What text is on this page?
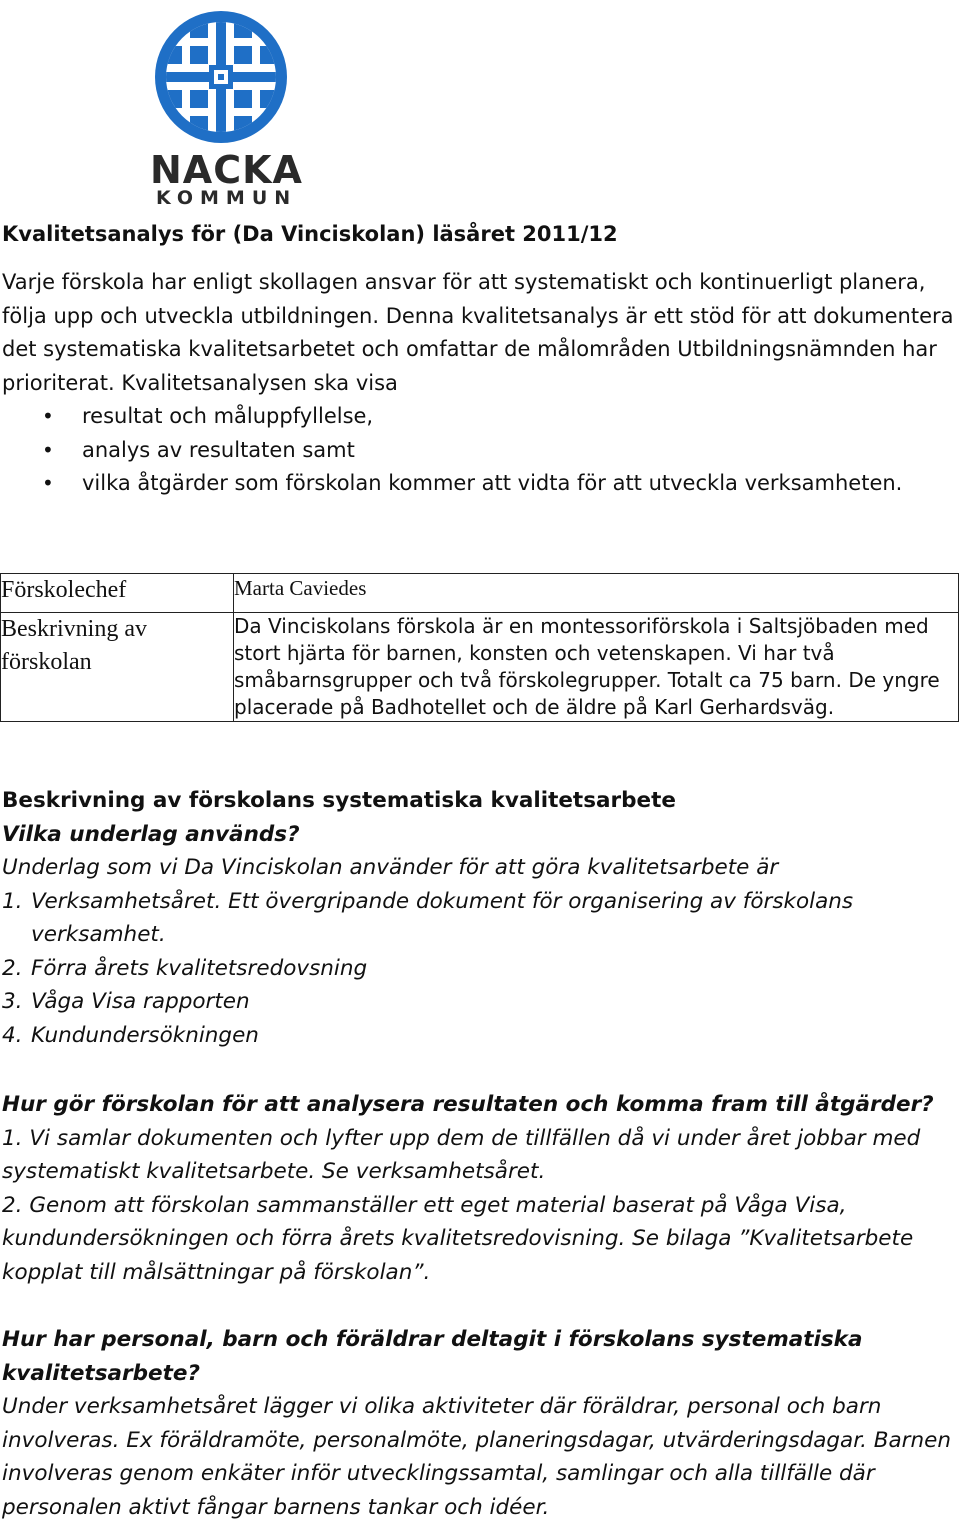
NACKA
KOMMUN
Kvalitetsanalys för (Da Vinciskolan) läsåret 2011/12

Varje förskola har enligt skollagen ansvar för att systematiskt och kontinuerligt planera, följa upp och utveckla utbildningen. Denna kvalitetsanalys är ett stöd för att dokumentera det systematiska kvalitetsarbetet och omfattar de målområden Utbildningsnämnden har prioriterat. Kvalitetsanalysen ska visa

• resultat och måluppfyllelse,
• analys av resultaten samt
• vilka åtgärder som förskolan kommer att vidta för att utveckla verksamheten.
Förskolechef	Marta Caviedes
Beskrivning av förskolan	Da Vinciskolans förskola är en montessoriförskola i Saltsjöbaden med stort hjärta för barnen, konsten och vetenskapen. Vi har två småbarnsgrupper och två förskolegrupper. Totalt ca 75 barn. De yngre placerade på Badhotellet och de äldre på Karl Gerhardsväg.

Beskrivning av förskolans systematiska kvalitetsarbete

Vilka underlag används?

Underlag som vi Da Vinciskolan använder för att göra kvalitetsarbete är

1. Verksamhetsåret. Ett övergripande dokument för organisering av förskolans verksamhet.
2. Förra årets kvalitetsredovsning
3. Våga Visa rapporten
4. Kundundersökningen

Hur gör förskolan för att analysera resultaten och komma fram till åtgärder?

1. Vi samlar dokumenten och lyfter upp dem de tillfällen då vi under året jobbar med systematiskt kvalitetsarbete. Se verksamhetsåret.

2. Genom att förskolan sammanställer ett eget material baserat på Våga Visa, kundundersökningen och förra årets kvalitetsredovisning. Se bilaga ”Kvalitetsarbete kopplat till målsättningar på förskolan”.

Hur har personal, barn och föräldrar deltagit i förskolans systematiska kvalitetsarbete?

Under verksamhetsåret lägger vi olika aktiviteter där föräldrar, personal och barn involveras. Ex föräldramöte, personalmöte, planeringsdagar, utvärderingsdagar. Barnen involveras genom enkäter inför utvecklingssamtal, samlingar och alla tillfälle där personalen aktivt fångar barnens tankar och idéer.
